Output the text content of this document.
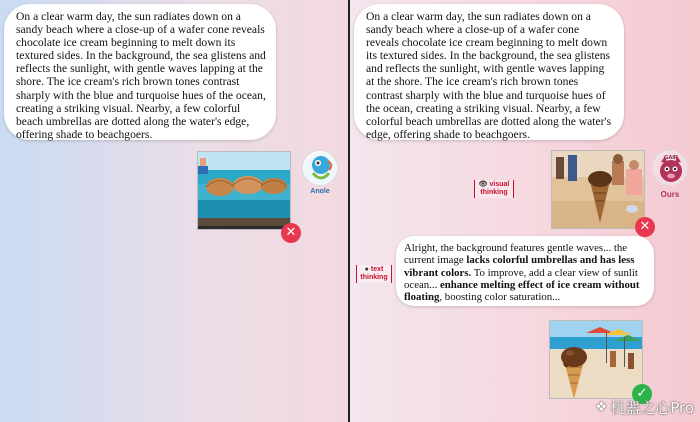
On a clear warm day, the sun radiates down on a sandy beach where a close-up of a wafer cone reveals chocolate ice cream beginning to melt down its textured sides. In the background, the sea glistens and reflects the sunlight, with gentle waves lapping at the shore. The ice cream's rich brown tones contrast sharply with the blue and turquoise hues of the ocean, creating a striking visual. Nearby, a few colorful beach umbrellas are dotted along the water's edge, offering shade to beachgoers.
Anole
✕
On a clear warm day, the sun radiates down on a sandy beach where a close-up of a wafer cone reveals chocolate ice cream beginning to melt down its textured sides. In the background, the sea glistens and reflects the sunlight, with gentle waves lapping at the shore. The ice cream's rich brown tones contrast sharply with the blue and turquoise hues of the ocean, creating a striking visual. Nearby, a few colorful beach umbrellas are dotted along the water's edge, offering shade to beachgoers.
👁 visual thinking
GAIR
Ours
✕
● text thinking
Alright, the background features gentle waves... the current image lacks colorful umbrellas and has less vibrant colors. To improve, add a clear view of sunlit ocean... enhance melting effect of ice cream without floating, boosting color saturation...
✓
❖ 机器之心Pro
